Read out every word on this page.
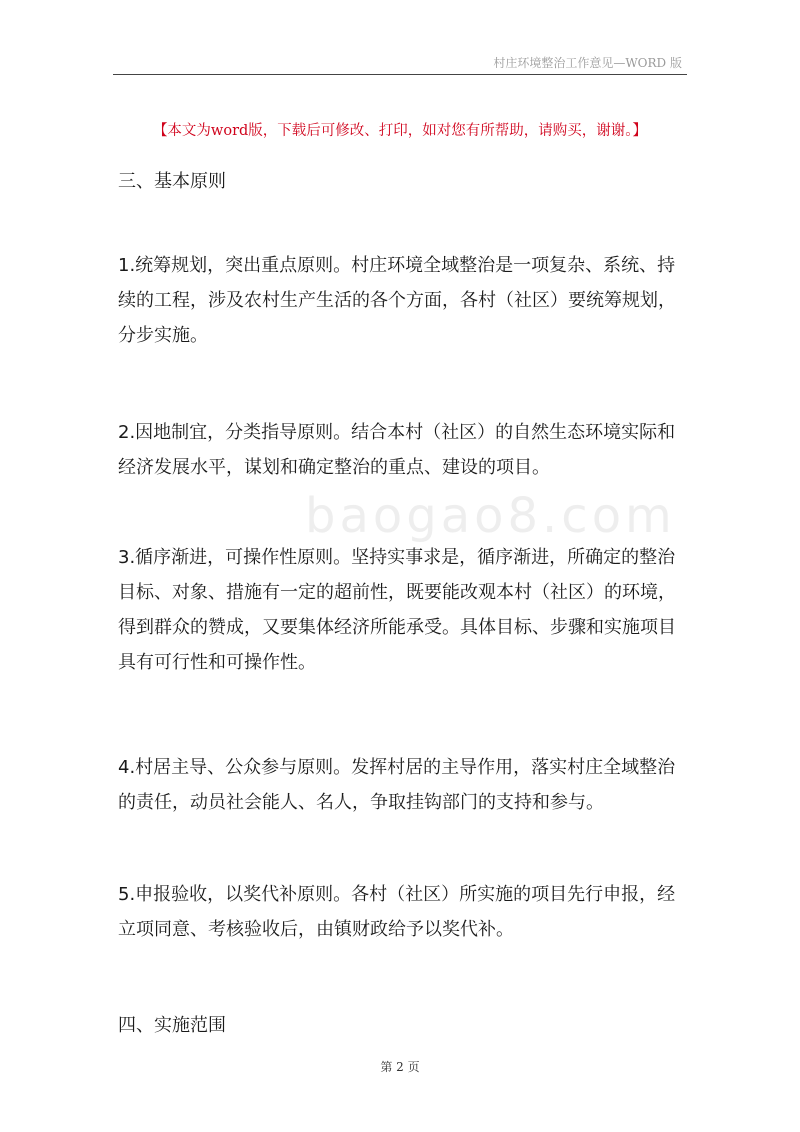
村庄环境整治工作意见—WORD 版
【本文为word版，下载后可修改、打印，如对您有所帮助，请购买，谢谢。】
baogao8.com

三、基本原则

1.统筹规划，突出重点原则。村庄环境全域整治是一项复杂、系统、持续的工程，涉及农村生产生活的各个方面，各村（社区）要统筹规划，分步实施。

2.因地制宜，分类指导原则。结合本村（社区）的自然生态环境实际和经济发展水平，谋划和确定整治的重点、建设的项目。

3.循序渐进，可操作性原则。坚持实事求是，循序渐进，所确定的整治目标、对象、措施有一定的超前性，既要能改观本村（社区）的环境，得到群众的赞成，又要集体经济所能承受。具体目标、步骤和实施项目具有可行性和可操作性。

4.村居主导、公众参与原则。发挥村居的主导作用，落实村庄全域整治的责任，动员社会能人、名人，争取挂钩部门的支持和参与。

5.申报验收，以奖代补原则。各村（社区）所实施的项目先行申报，经立项同意、考核验收后，由镇财政给予以奖代补。

四、实施范围

第 2 页
